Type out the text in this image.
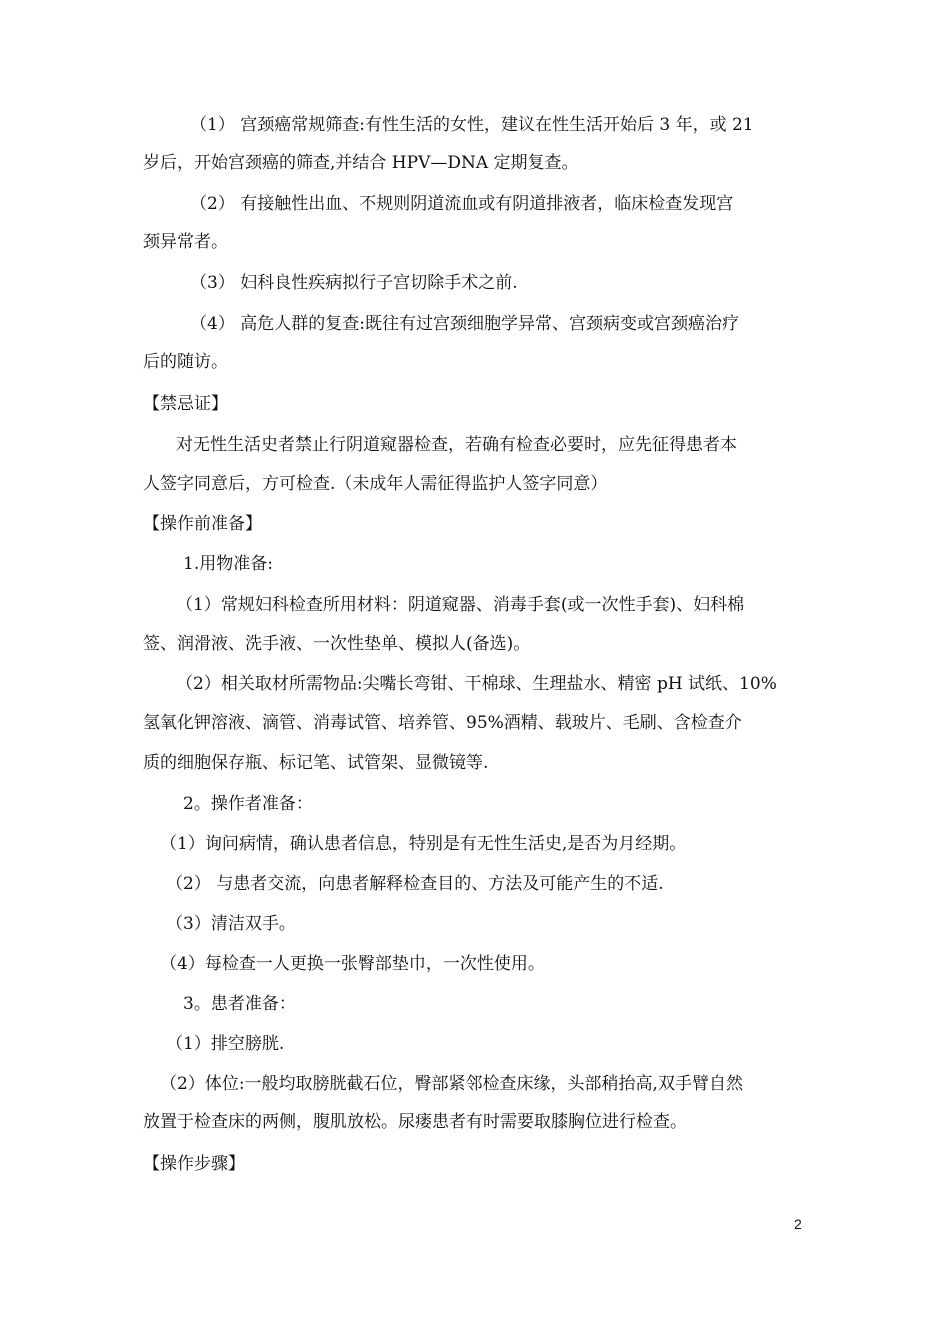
（1） 宫颈癌常规筛查:有性生活的女性，建议在性生活开始后 3 年，或 21
岁后，开始宫颈癌的筛查,并结合 HPV—DNA 定期复查。
（2） 有接触性出血、不规则阴道流血或有阴道排液者，临床检查发现宫
颈异常者。
（3） 妇科良性疾病拟行子宫切除手术之前.
（4） 高危人群的复查:既往有过宫颈细胞学异常、宫颈病变或宫颈癌治疗
后的随访。
【禁忌证】
对无性生活史者禁止行阴道窥器检查，若确有检查必要时，应先征得患者本
人签字同意后，方可检查.（未成年人需征得监护人签字同意）
【操作前准备】
1.用物准备:
（1）常规妇科检查所用材料：阴道窥器、消毒手套(或一次性手套)、妇科棉
签、润滑液、洗手液、一次性垫单、模拟人(备选)。
（2）相关取材所需物品:尖嘴长弯钳、干棉球、生理盐水、精密 pH 试纸、10%
氢氧化钾溶液、滴管、消毒试管、培养管、95%酒精、载玻片、毛刷、含检查介
质的细胞保存瓶、标记笔、试管架、显微镜等.
2。操作者准备：
（1）询问病情，确认患者信息，特别是有无性生活史,是否为月经期。
（2） 与患者交流，向患者解释检查目的、方法及可能产生的不适.
（3）清洁双手。
（4）每检查一人更换一张臀部垫巾，一次性使用。
3。患者准备：
（1）排空膀胱.
（2）体位:一般均取膀胱截石位，臀部紧邻检查床缘，头部稍抬高,双手臂自然
放置于检查床的两侧，腹肌放松。尿瘘患者有时需要取膝胸位进行检查。
【操作步骤】
2
